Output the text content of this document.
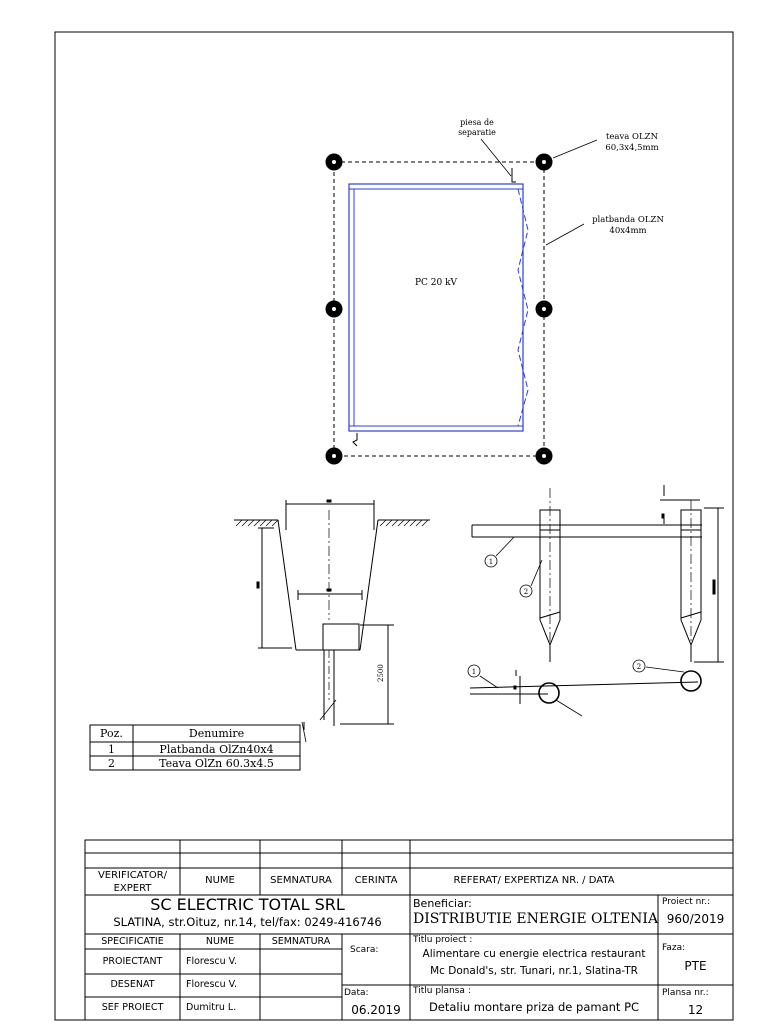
piesa de
separatie	teava OLZN
60,3x4,5mm
platbanda OLZN
40x4mm
PC 20 kV
2500
1
2
1
2
Poz.	Denumire
1	Platbanda OlZn40x4
2	Teava OlZn 60.3x4.5
VERIFICATOR/ EXPERT
NUME	SEMNATURA	CERINTA	REFERAT/ EXPERTIZA NR. / DATA
SC ELECTRIC TOTAL SRL
SLATINA, str.Oituz, nr.14, tel/fax: 0249-416746
Beneficiar:
DISTRIBUTIE ENERGIE OLTENIA
Proiect nr.:
960/2019
SPECIFICATIE	NUME	SEMNATURA
Scara:
Titlu proiect :
Alimentare cu energie electrica restaurant
Mc Donald's, str. Tunari, nr.1, Slatina-TR
Faza:
PTE
PROIECTANT	Florescu V.
DESENAT	Florescu V.
SEF PROIECT	Dumitru L.
Data:
06.2019
Titlu plansa :
Detaliu montare priza de pamant PC
Plansa nr.:
12
